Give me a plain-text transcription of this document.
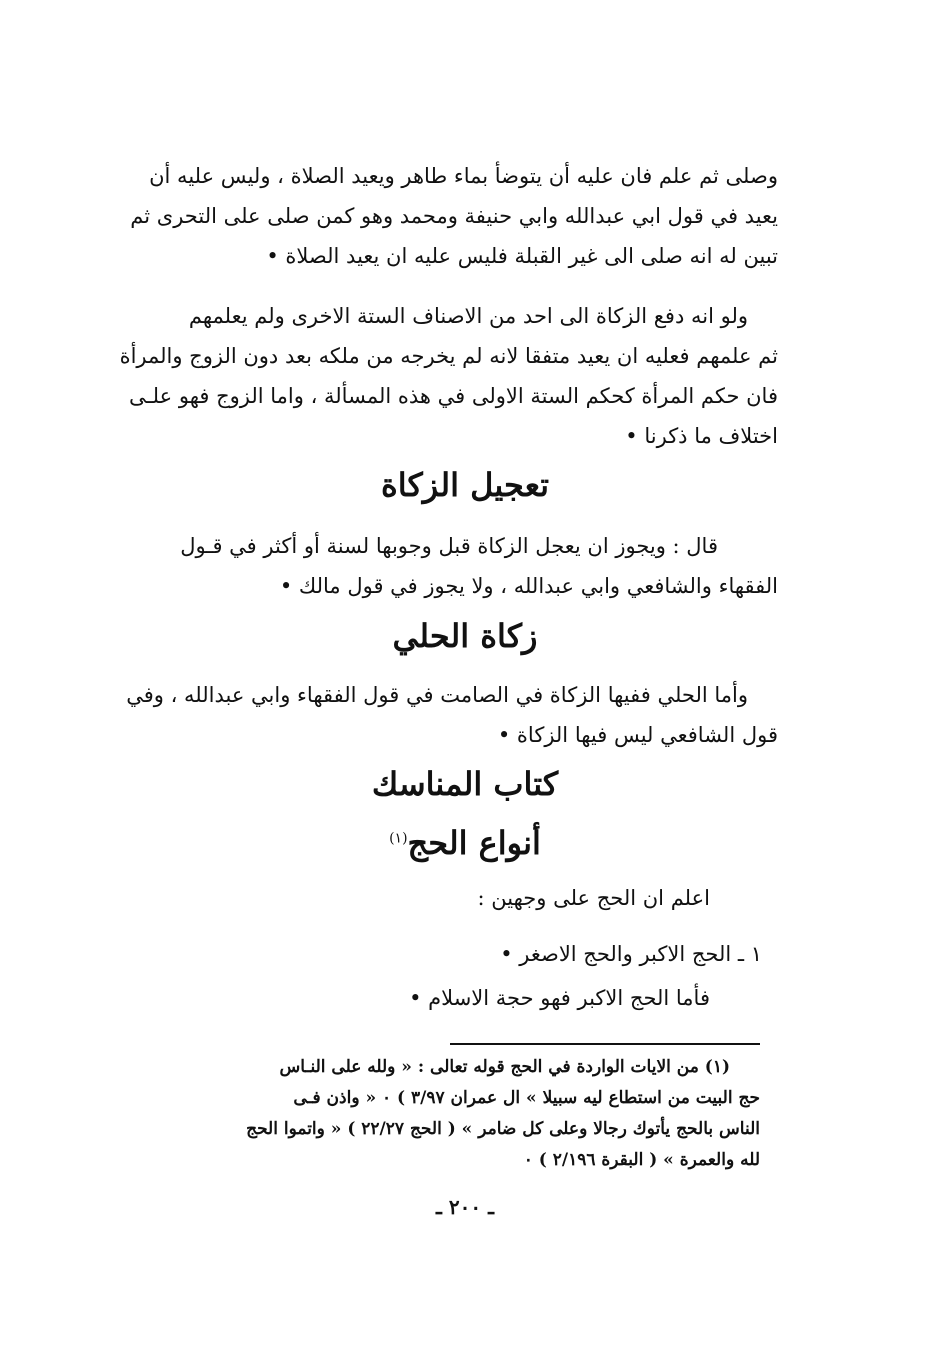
وصلى ثم علم فان عليه أن يتوضأ بماء طاهر ويعيد الصلاة ، وليس عليه أن
يعيد في قول ابي عبدالله وابي حنيفة ومحمد وهو كمن صلى على التحرى ثم
تبين له انه صلى الى غير القبلة فليس عليه ان يعيد الصلاة •
ولو انه دفع الزكاة الى احد من الاصناف الستة الاخرى ولم يعلمهم
ثم علمهم فعليه ان يعيد متفقا لانه لم يخرجه من ملكه بعد دون الزوج والمرأة
فان حكم المرأة كحكم الستة الاولى في هذه المسألة ، واما الزوج فهو علـى
اختلاف ما ذكرنا •
تعجيل الزكاة
قال : ويجوز ان يعجل الزكاة قبل وجوبها لسنة أو أكثر في قـول
الفقهاء والشافعي وابي عبدالله ، ولا يجوز في قول مالك •
زكاة الحلي
وأما الحلي ففيها الزكاة في الصامت في قول الفقهاء وابي عبدالله ، وفي
قول الشافعي ليس فيها الزكاة •
كتاب المناسك
أنواع الحج$^{(١)}$

اعلم ان الحج على وجهين :

١ ـ الحج الاكبر والحج الاصغر •

فأما الحج الاكبر فهو حجة الاسلام •

(١) من الايات الواردة في الحج قوله تعالى : « ولله على النـاس
حج البيت من استطاع ليه سبيلا » ال عمران ٣/٩٧ ) ٠ « واذن فـى
الناس بالحج يأتوك رجالا وعلى كل ضامر » ( الحج ٢٢/٢٧ ) « واتموا الحج
لله والعمرة » ( البقرة ٢/١٩٦ ) ٠
ـ ٢٠٠ ـ
